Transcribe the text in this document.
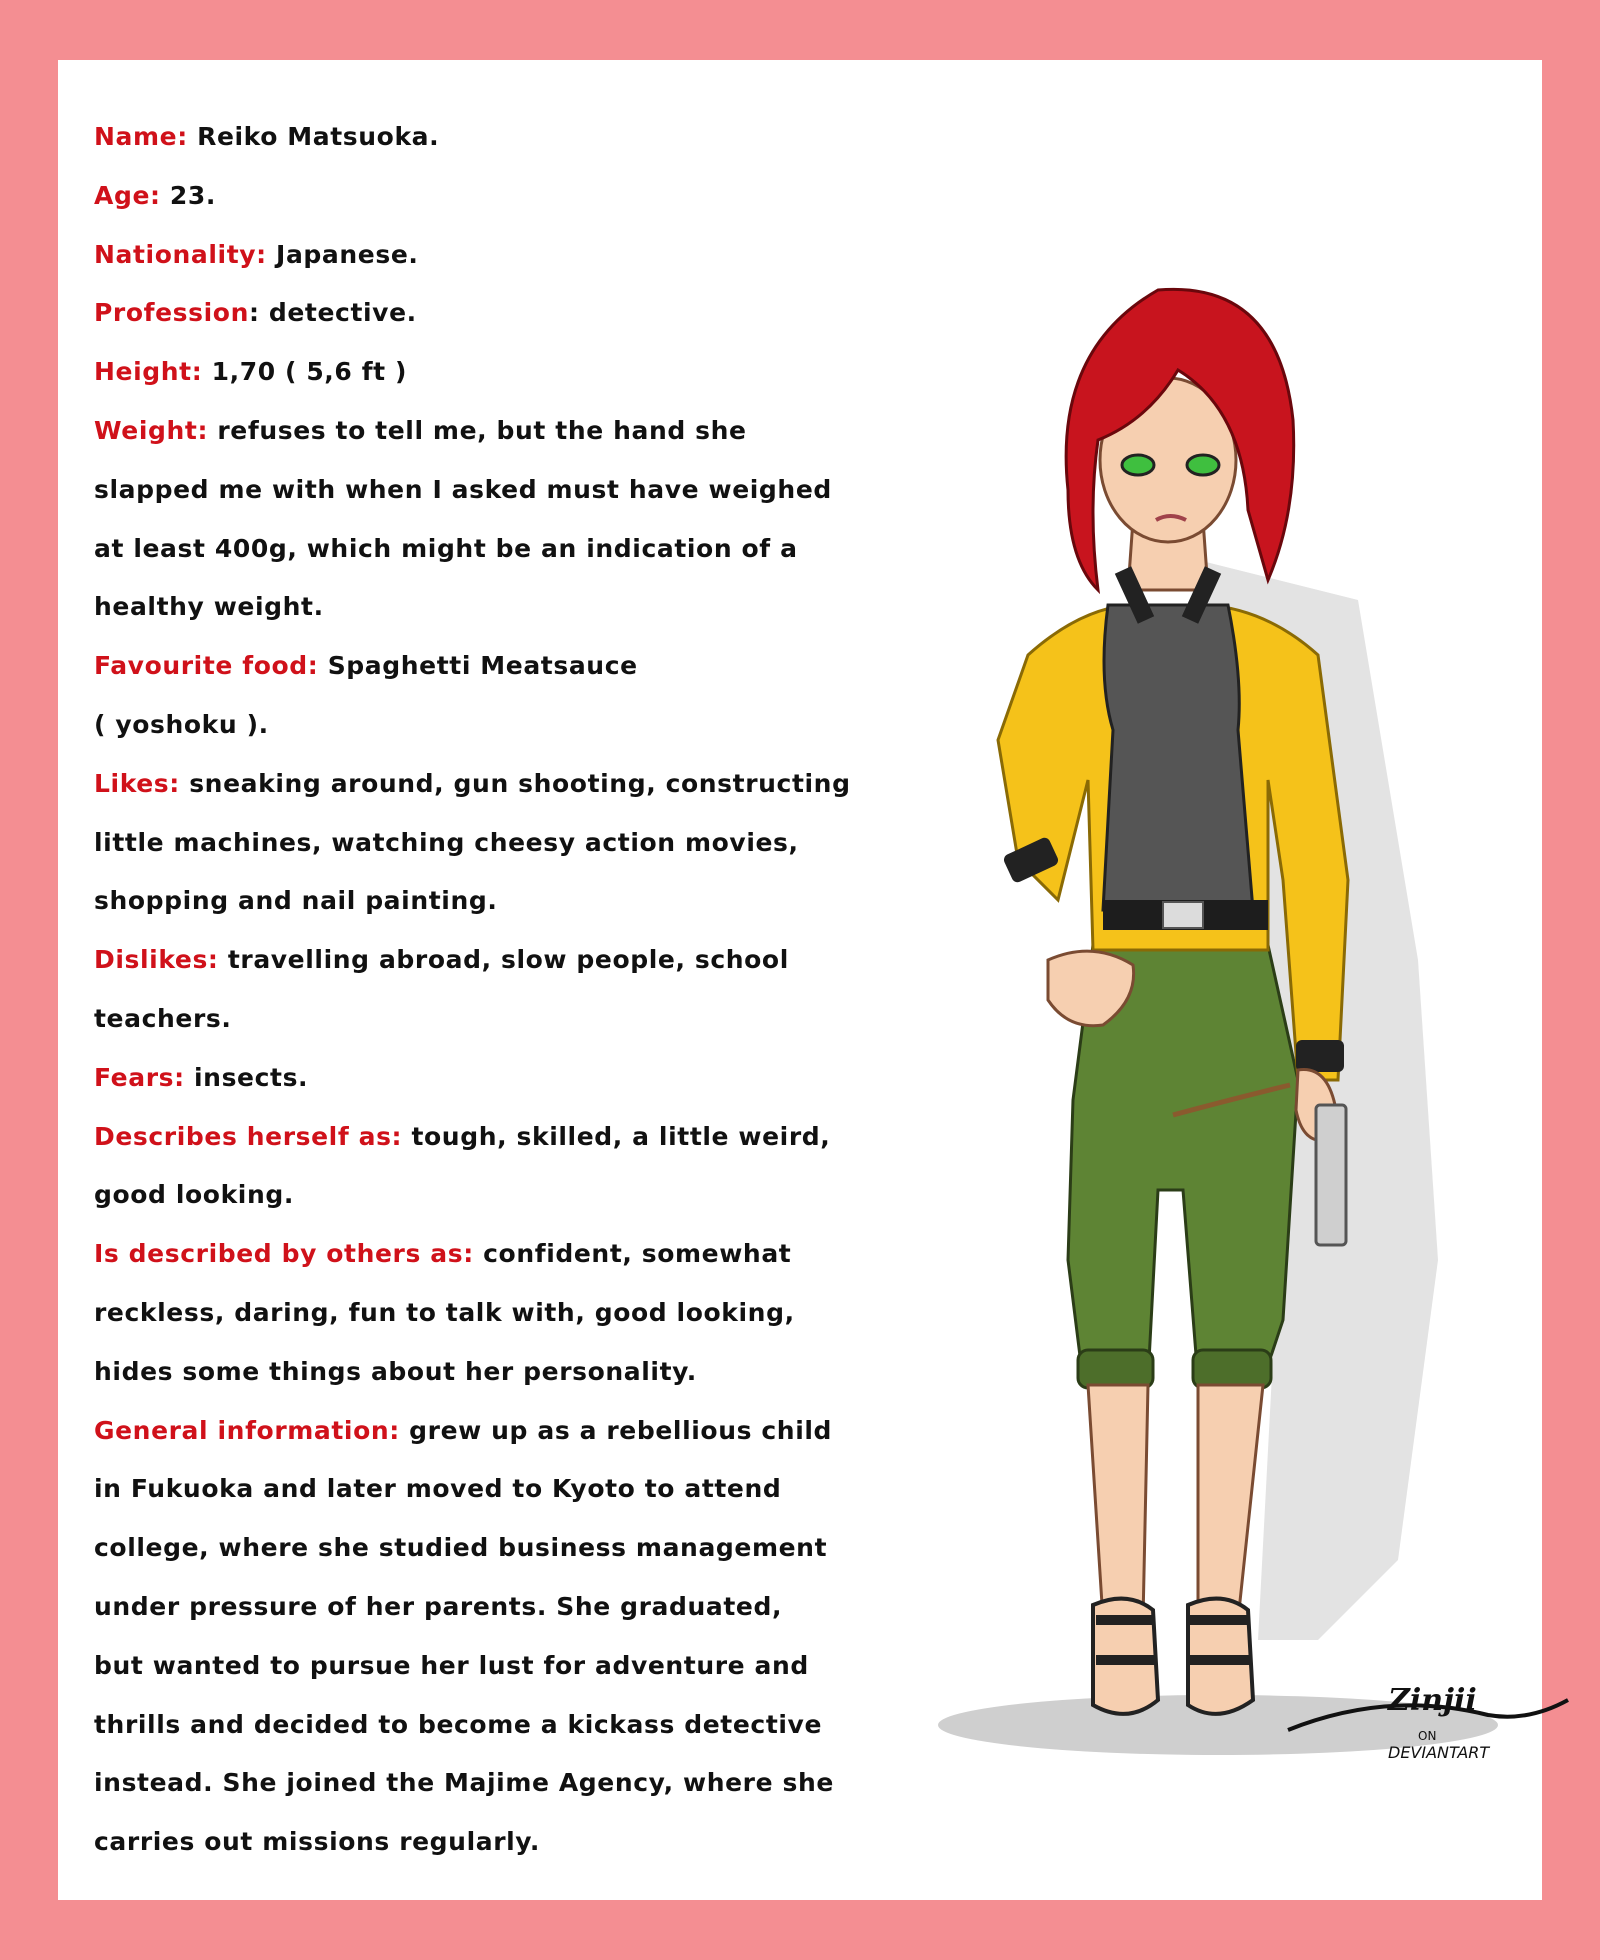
Name: Reiko Matsuoka.
Age: 23.
Nationality: Japanese.
Profession: detective.
Height: 1,70 ( 5,6 ft )
Weight: refuses to tell me, but the hand she
slapped me with when I asked must have weighed
at least 400g, which might be an indication of a
healthy weight.
Favourite food: Spaghetti Meatsauce
( yoshoku ).
Likes: sneaking around, gun shooting, constructing
little machines, watching cheesy action movies,
shopping and nail painting.
Dislikes: travelling abroad, slow people, school
teachers.
Fears: insects.
Describes herself as: tough, skilled, a little weird,
good looking.
Is described by others as: confident, somewhat
reckless, daring, fun to talk with, good looking,
hides some things about her personality.
General information: grew up as a rebellious child
in Fukuoka and later moved to Kyoto to attend
college, where she studied business management
under pressure of her parents. She graduated,
but wanted to pursue her lust for adventure and
thrills and decided to become a kickass detective
instead. She joined the Majime Agency, where she
carries out missions regularly.
Zinjii
ON
DEVIANTART
